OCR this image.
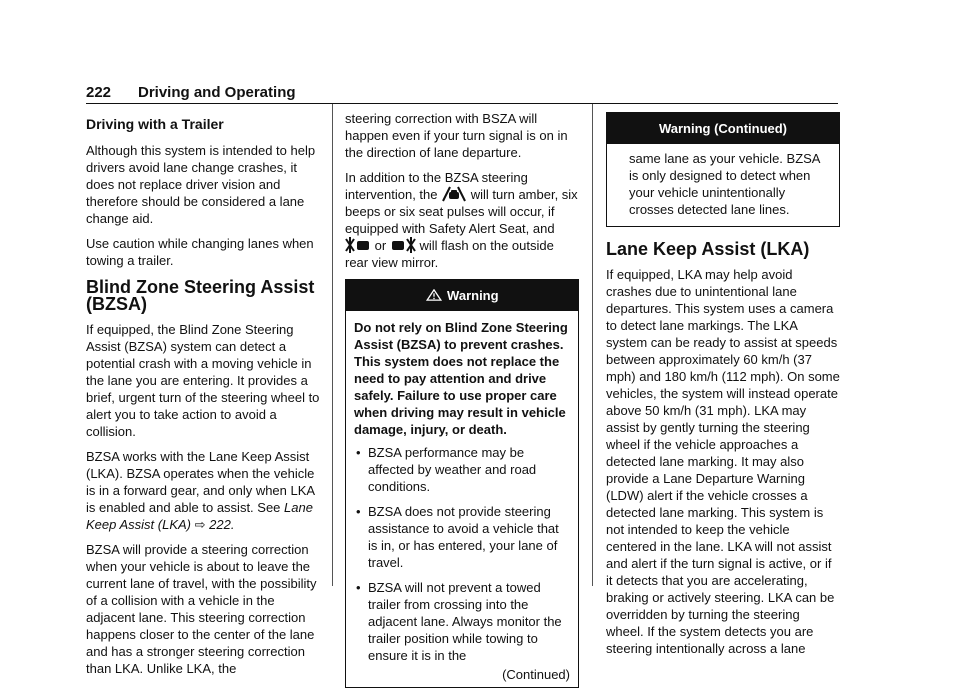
222 Driving and Operating
Driving with a Trailer

Although this system is intended to help drivers avoid lane change crashes, it does not replace driver vision and therefore should be considered a lane change aid.

Use caution while changing lanes when towing a trailer.

Blind Zone Steering Assist (BZSA)

If equipped, the Blind Zone Steering Assist (BZSA) system can detect a potential crash with a moving vehicle in the lane you are entering. It provides a brief, urgent turn of the steering wheel to alert you to take action to avoid a collision.

BZSA works with the Lane Keep Assist (LKA). BZSA operates when the vehicle is in a forward gear, and only when LKA is enabled and able to assist. See Lane Keep Assist (LKA) ⇨ 222.

BZSA will provide a steering correction when your vehicle is about to leave the current lane of travel, with the possibility of a collision with a vehicle in the adjacent lane. This steering correction happens closer to the center of the lane and has a stronger steering correction than LKA. Unlike LKA, the

steering correction with BSZA will happen even if your turn signal is on in the direction of lane departure.

In addition to the BZSA steering intervention, the	will turn amber, six beeps or six seat pulses will occur, if equipped with Safety Alert Seat, and  or	will flash on the outside rear view mirror.

Warning

Do not rely on Blind Zone Steering Assist (BZSA) to prevent crashes. This system does not replace the need to pay attention and drive safely. Failure to use proper care when driving may result in vehicle damage, injury, or death.

• BZSA performance may be affected by weather and road conditions.
• BZSA does not provide steering assistance to avoid a vehicle that is in, or has entered, your lane of travel.
• BZSA will not prevent a towed trailer from crossing into the adjacent lane. Always monitor the trailer position while towing to ensure it is in the
(Continued)
Warning (Continued)
same lane as your vehicle. BZSA is only designed to detect when your vehicle unintentionally crosses detected lane lines.
Lane Keep Assist (LKA)

If equipped, LKA may help avoid crashes due to unintentional lane departures. This system uses a camera to detect lane markings. The LKA system can be ready to assist at speeds between approximately 60 km/h (37 mph) and 180 km/h (112 mph). On some vehicles, the system will instead operate above 50 km/h (31 mph). LKA may assist by gently turning the steering wheel if the vehicle approaches a detected lane marking. It may also provide a Lane Departure Warning (LDW) alert if the vehicle crosses a detected lane marking. This system is not intended to keep the vehicle centered in the lane. LKA will not assist and alert if the turn signal is active, or if it detects that you are accelerating, braking or actively steering. LKA can be overridden by turning the steering wheel. If the system detects you are steering intentionally across a lane
